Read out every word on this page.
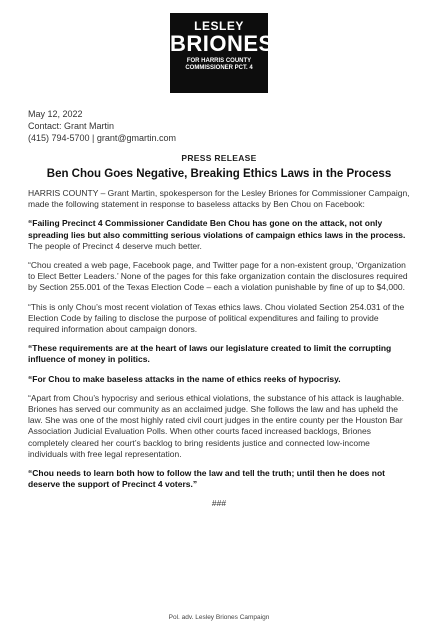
LESLEY
BRIONES
FOR HARRIS COUNTY
COMMISSIONER PCT. 4
May 12, 2022
Contact: Grant Martin
(415) 794-5700 | grant@gmartin.com
PRESS RELEASE
Ben Chou Goes Negative, Breaking Ethics Laws in the Process

HARRIS COUNTY – Grant Martin, spokesperson for the Lesley Briones for Commissioner Campaign, made the following statement in response to baseless attacks by Ben Chou on Facebook:

“Failing Precinct 4 Commissioner Candidate Ben Chou has gone on the attack, not only spreading lies but also committing serious violations of campaign ethics laws in the process. The people of Precinct 4 deserve much better.

“Chou created a web page, Facebook page, and Twitter page for a non-existent group, ‘Organization to Elect Better Leaders.’ None of the pages for this fake organization contain the disclosures required by Section 255.001 of the Texas Election Code – each a violation punishable by fine of up to $4,000.

“This is only Chou’s most recent violation of Texas ethics laws. Chou violated Section 254.031 of the Election Code by failing to disclose the purpose of political expenditures and failing to provide required information about campaign donors.

“These requirements are at the heart of laws our legislature created to limit the corrupting influence of money in politics.

“For Chou to make baseless attacks in the name of ethics reeks of hypocrisy.

“Apart from Chou’s hypocrisy and serious ethical violations, the substance of his attack is laughable. Briones has served our community as an acclaimed judge. She follows the law and has upheld the law. She was one of the most highly rated civil court judges in the entire county per the Houston Bar Association Judicial Evaluation Polls. When other courts faced increased backlogs, Briones completely cleared her court’s backlog to bring residents justice and connected low-income individuals with free legal representation.

“Chou needs to learn both how to follow the law and tell the truth; until then he does not deserve the support of Precinct 4 voters.”

###
Pol. adv. Lesley Briones Campaign
